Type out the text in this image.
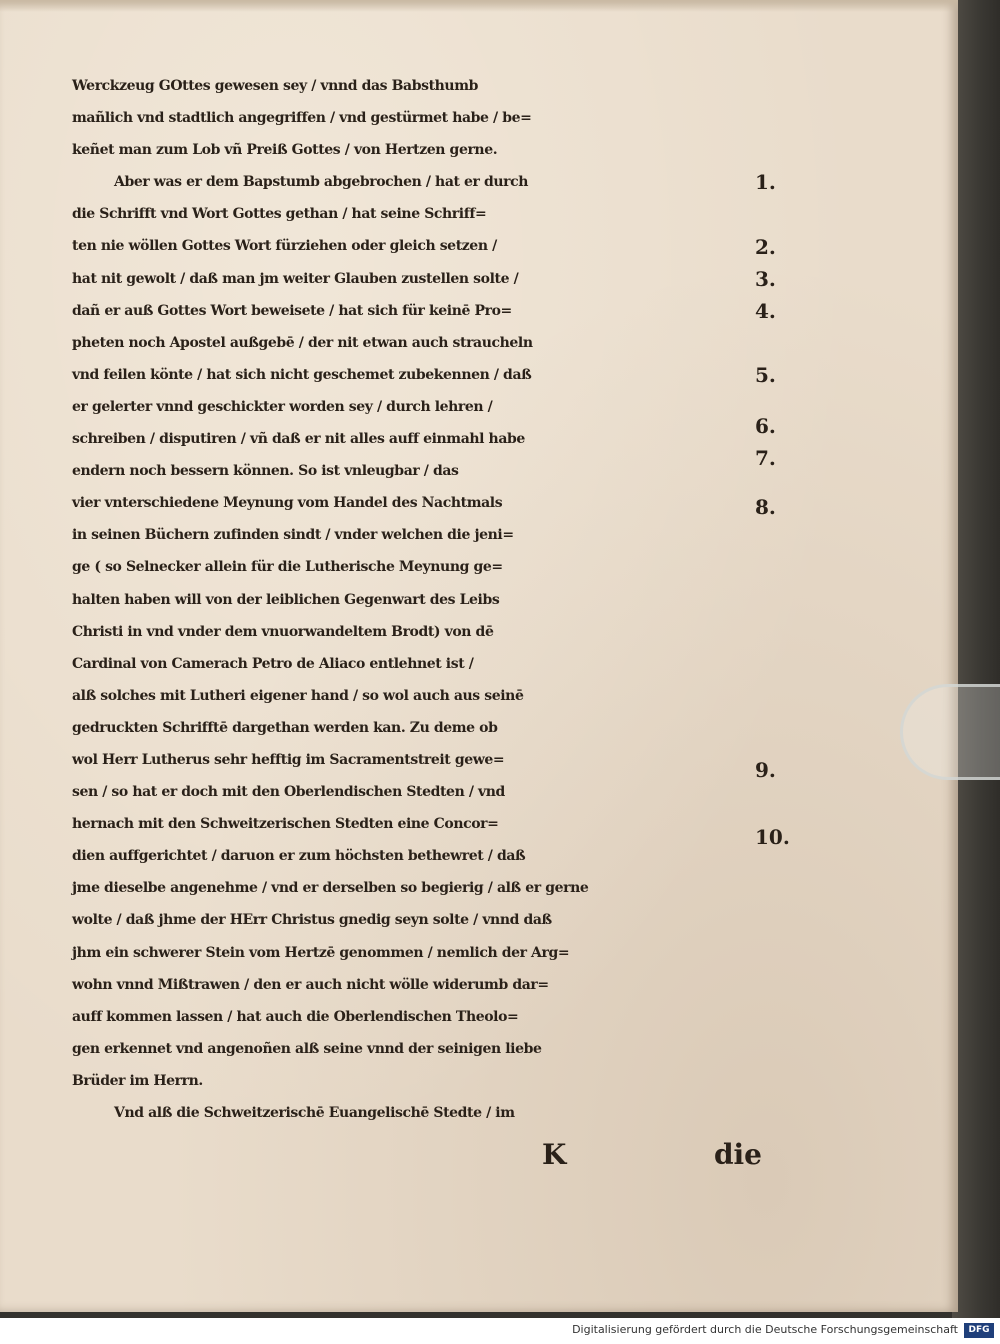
Werckzeug GOttes gewesen sey / vnnd das Babsthumb
mañlich vnd stadtlich angegriffen / vnd gestürmet habe / be=
keñet man zum Lob vñ Preiß Gottes / von Hertzen gerne.
Aber was er dem Bapstumb abgebrochen / hat er durch
die Schrifft vnd Wort Gottes gethan / hat seine Schriff=
ten nie wöllen Gottes Wort fürziehen oder gleich setzen /
hat nit gewolt / daß man jm weiter Glauben zustellen solte /
dañ er auß Gottes Wort beweisete / hat sich für keinē Pro=
pheten noch Apostel außgebē / der nit etwan auch straucheln
vnd feilen könte / hat sich nicht geschemet zubekennen / daß
er gelerter vnnd geschickter worden sey / durch lehren /
schreiben / disputiren / vñ daß er nit alles auff einmahl habe
endern noch bessern können. So ist vnleugbar / das
vier vnterschiedene Meynung vom Handel des Nachtmals
in seinen Büchern zufinden sindt / vnder welchen die jeni=
ge ( so Selnecker allein für die Lutherische Meynung ge=
halten haben will von der leiblichen Gegenwart des Leibs
Christi in vnd vnder dem vnuorwandeltem Brodt) von dē
Cardinal von Camerach Petro de Aliaco entlehnet ist /
alß solches mit Lutheri eigener hand / so wol auch aus seinē
gedruckten Schrifftē dargethan werden kan. Zu deme ob
wol Herr Lutherus sehr hefftig im Sacramentstreit gewe=
sen / so hat er doch mit den Oberlendischen Stedten / vnd
hernach mit den Schweitzerischen Stedten eine Concor=
dien auffgerichtet / daruon er zum höchsten bethewret / daß
jme dieselbe angenehme / vnd er derselben so begierig / alß er gerne
wolte / daß jhme der HErr Christus gnedig seyn solte / vnnd daß
jhm ein schwerer Stein vom Hertzē genommen / nemlich der Arg=
wohn vnnd Mißtrawen / den er auch nicht wölle widerumb dar=
auff kommen lassen / hat auch die Oberlendischen Theolo=
gen erkennet vnd angenoñen alß seine vnnd der seinigen liebe
Brüder im Herrn.
Vnd alß die Schweitzerischē Euangelischē Stedte / im
1.
2.
3.
4.
5.
6.
7.
8.
9.
10.
K	die
Digitalisierung gefördert durch die Deutsche Forschungsgemeinschaft	DFG
